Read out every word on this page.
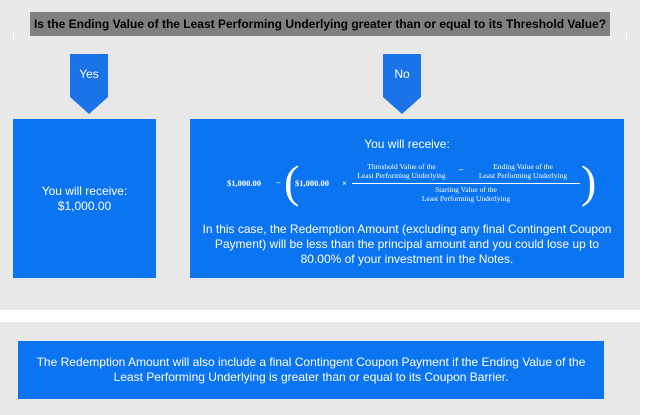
Is the Ending Value of the Least Performing Underlying greater than or equal to its Threshold Value?
Yes	No
You will receive:
$1,000.00
You will receive:
$1,000.00 – (
$1,000.00 ×
Threshold Value of the
Least Performing Underlying
–	Ending Value of the
Least Performing Underlying
Starting Value of the
Least Performing Underlying	)
In this case, the Redemption Amount (excluding any final Contingent Coupon Payment) will be less than the principal amount and you could lose up to 80.00% of your investment in the Notes.
The Redemption Amount will also include a final Contingent Coupon Payment if the Ending Value of the Least Performing Underlying is greater than or equal to its Coupon Barrier.
